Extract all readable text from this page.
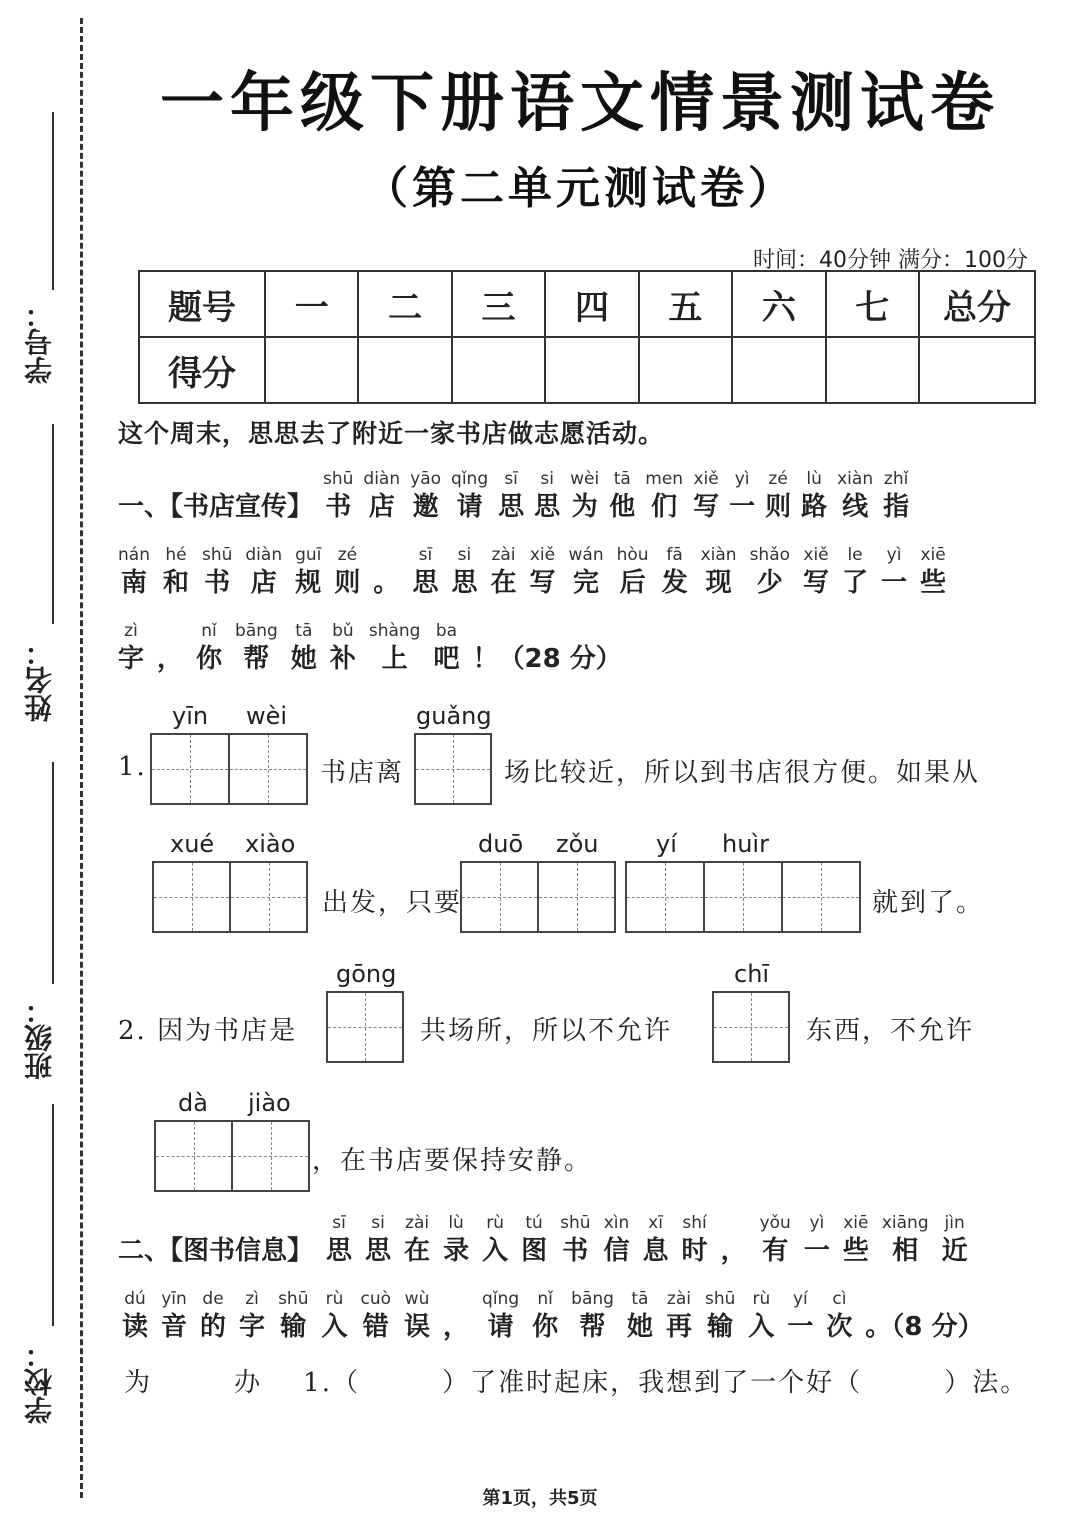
学号：
姓名：
班级：
学校：
一年级下册语文情景测试卷
（第二单元测试卷）
时间：40分钟 满分：100分
题号	一	二	三	四	五	六	七	总分
得分								
这个周末，思思去了附近一家书店做志愿活动。
一、【书店宣传】
shū
书
diàn
店
yāo
邀
qǐng
请
sī
思
si
思
wèi
为
tā
他
men
们
xiě
写
yì
一
zé
则
lù
路
xiàn
线
zhǐ
指
nán
南
hé
和
shū
书
diàn
店
guī
规
zé
则 。
sī
思
si
思
zài
在
xiě
写
wán
完
hòu
后
fā
发
xiàn
现
shǎo
少
xiě
写
le
了
yì
一
xiē
些
zì
字 ，
nǐ
你
bāng
帮
tā
她
bǔ
补
shàng
上
ba
吧 ！（28 分）
1.
yīn wèi
书店离
guǎng
场比较近，所以到书店很方便。如果从
xué xiào
出发，只要
duō zǒu yí huìr
就到了。
2. 因为书店是
gōng
共场所，所以不允许
chī
东西，不允许
dà jiào
，在书店要保持安静。
二、【图书信息】
sī
思
si
思
zài
在
lù
录
rù
入
tú
图
shū
书
xìn
信
xī
息
shí
时 ，
yǒu
有
yì
一
xiē
些
xiāng
相
jìn
近
dú
读
yīn
音
de
的
zì
字
shū
输
rù
入
cuò
错
wù
误 ，
qǐng
请
nǐ
你
bāng
帮
tā
她
zài
再
shū
输
rù
入
yí
一
cì
次 。（8 分）
为        办    1.（        ）了准时起床，我想到了一个好（        ）法。
第1页，共5页
